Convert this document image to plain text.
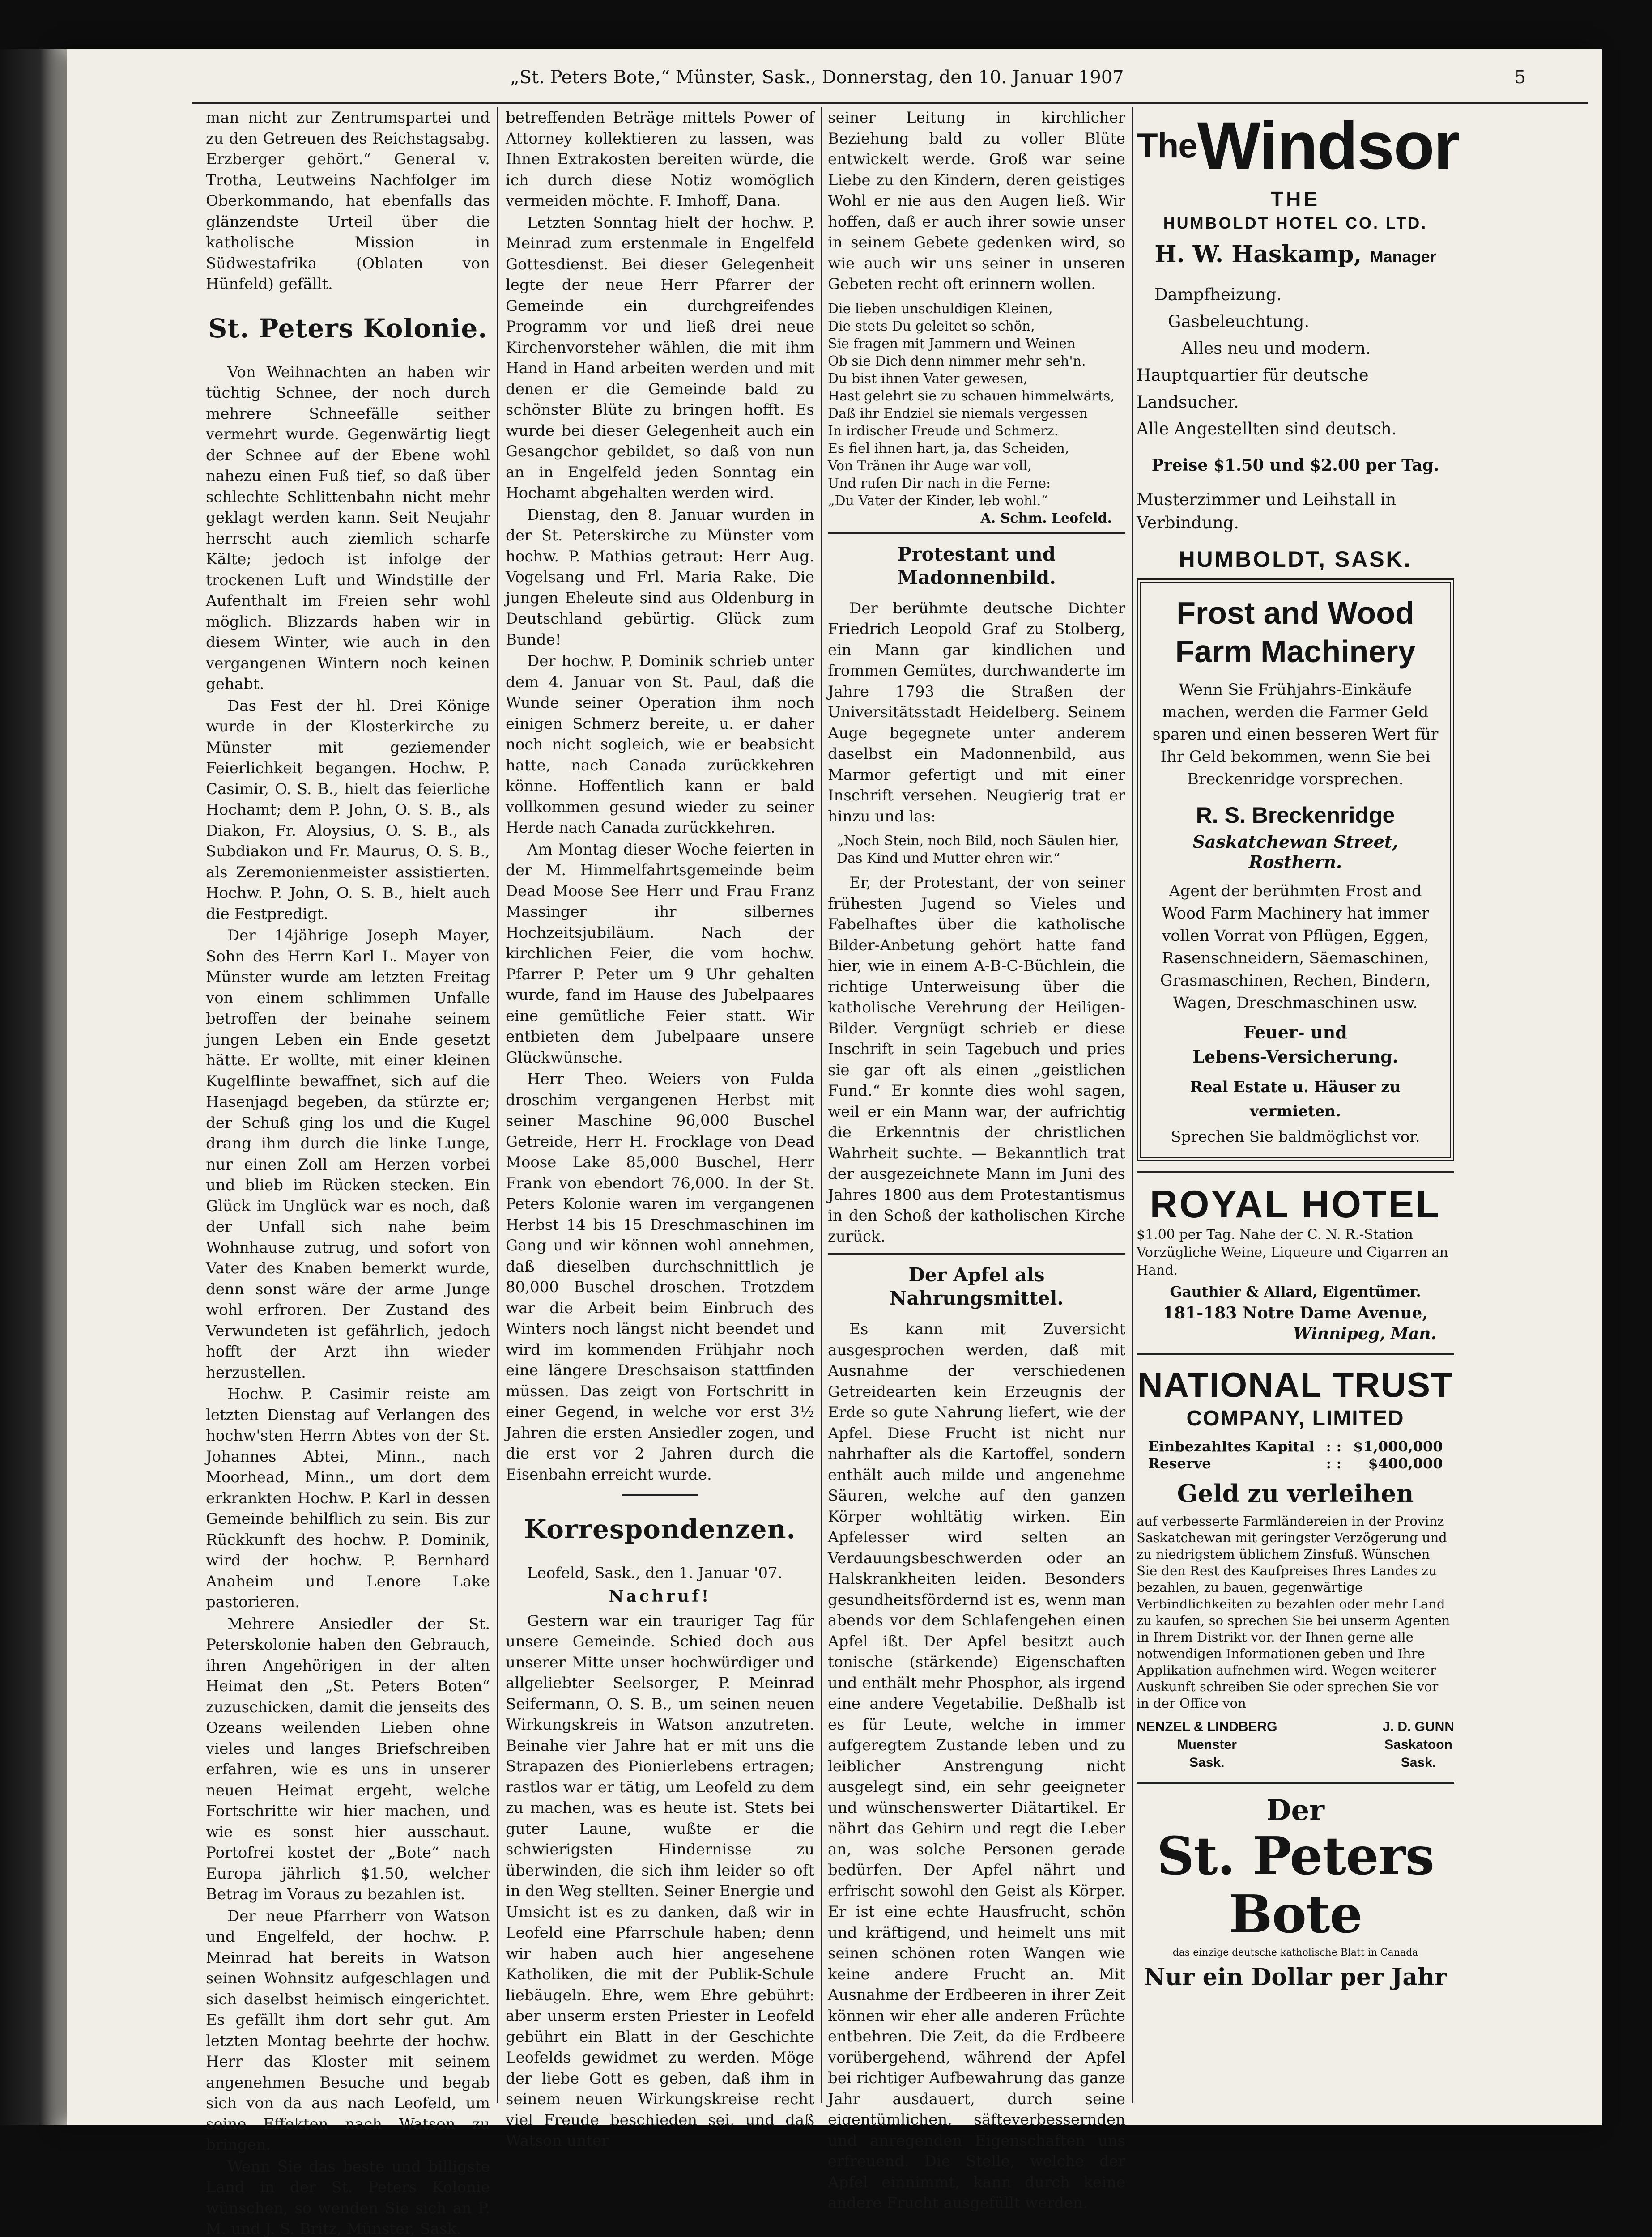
„St. Peters Bote,“ Münster, Sask., Donnerstag, den 10. Januar 1907	5

man nicht zur Zentrumspartei und zu den Getreuen des Reichstagsabg. Erzberger gehört.“ General v. Trotha, Leutweins Nachfolger im Oberkommando, hat ebenfalls das glänzendste Urteil über die katholische Mission in Südwestafrika (Oblaten von Hünfeld) gefällt.

St. Peters Kolonie.

Von Weihnachten an haben wir tüchtig Schnee, der noch durch mehrere Schneefälle seither vermehrt wurde. Gegenwärtig liegt der Schnee auf der Ebene wohl nahezu einen Fuß tief, so daß über schlechte Schlittenbahn nicht mehr geklagt werden kann. Seit Neujahr herrscht auch ziemlich scharfe Kälte; jedoch ist infolge der trockenen Luft und Windstille der Aufenthalt im Freien sehr wohl möglich. Blizzards haben wir in diesem Winter, wie auch in den vergangenen Wintern noch keinen gehabt.

Das Fest der hl. Drei Könige wurde in der Klosterkirche zu Münster mit geziemender Feierlichkeit begangen. Hochw. P. Casimir, O. S. B., hielt das feierliche Hochamt; dem P. John, O. S. B., als Diakon, Fr. Aloysius, O. S. B., als Subdiakon und Fr. Maurus, O. S. B., als Zeremonienmeister assistierten. Hochw. P. John, O. S. B., hielt auch die Festpredigt.

Der 14jährige Joseph Mayer, Sohn des Herrn Karl L. Mayer von Münster wurde am letzten Freitag von einem schlimmen Unfalle betroffen der beinahe seinem jungen Leben ein Ende gesetzt hätte. Er wollte, mit einer kleinen Kugelflinte bewaffnet, sich auf die Hasenjagd begeben, da stürzte er; der Schuß ging los und die Kugel drang ihm durch die linke Lunge, nur einen Zoll am Herzen vorbei und blieb im Rücken stecken. Ein Glück im Unglück war es noch, daß der Unfall sich nahe beim Wohnhause zutrug, und sofort von Vater des Knaben bemerkt wurde, denn sonst wäre der arme Junge wohl erfroren. Der Zustand des Verwundeten ist gefährlich, jedoch hofft der Arzt ihn wieder herzustellen.

Hochw. P. Casimir reiste am letzten Dienstag auf Verlangen des hochw'sten Herrn Abtes von der St. Johannes Abtei, Minn., nach Moorhead, Minn., um dort dem erkrankten Hochw. P. Karl in dessen Gemeinde behilflich zu sein. Bis zur Rückkunft des hochw. P. Dominik, wird der hochw. P. Bernhard Anaheim und Lenore Lake pastorieren.

Mehrere Ansiedler der St. Peterskolonie haben den Gebrauch, ihren Angehörigen in der alten Heimat den „St. Peters Boten“ zuzuschicken, damit die jenseits des Ozeans weilenden Lieben ohne vieles und langes Briefschreiben erfahren, wie es uns in unserer neuen Heimat ergeht, welche Fortschritte wir hier machen, und wie es sonst hier ausschaut. Portofrei kostet der „Bote“ nach Europa jährlich $1.50, welcher Betrag im Voraus zu bezahlen ist.

Der neue Pfarrherr von Watson und Engelfeld, der hochw. P. Meinrad hat bereits in Watson seinen Wohnsitz aufgeschlagen und sich daselbst heimisch eingerichtet. Es gefällt ihm dort sehr gut. Am letzten Montag beehrte der hochw. Herr das Kloster mit seinem angenehmen Besuche und begab sich von da aus nach Leofeld, um seine Effekten nach Watson zu bringen.

Wenn Sie das beste und billigste Land in der St. Peters Kolonie wünschen, so wenden Sie sich an P. M. und J. S. Britz, Münster, Sask.

betreffenden Beträge mittels Power of Attorney kollektieren zu lassen, was Ihnen Extrakosten bereiten würde, die ich durch diese Notiz womöglich vermeiden möchte. F. Imhoff, Dana.

Letzten Sonntag hielt der hochw. P. Meinrad zum erstenmale in Engelfeld Gottesdienst. Bei dieser Gelegenheit legte der neue Herr Pfarrer der Gemeinde ein durchgreifendes Programm vor und ließ drei neue Kirchenvorsteher wählen, die mit ihm Hand in Hand arbeiten werden und mit denen er die Gemeinde bald zu schönster Blüte zu bringen hofft. Es wurde bei dieser Gelegenheit auch ein Gesangchor gebildet, so daß von nun an in Engelfeld jeden Sonntag ein Hochamt abgehalten werden wird.

Dienstag, den 8. Januar wurden in der St. Peterskirche zu Münster vom hochw. P. Mathias getraut: Herr Aug. Vogelsang und Frl. Maria Rake. Die jungen Eheleute sind aus Oldenburg in Deutschland gebürtig. Glück zum Bunde!

Der hochw. P. Dominik schrieb unter dem 4. Januar von St. Paul, daß die Wunde seiner Operation ihm noch einigen Schmerz bereite, u. er daher noch nicht sogleich, wie er beabsicht hatte, nach Canada zurückkehren könne. Hoffentlich kann er bald vollkommen gesund wieder zu seiner Herde nach Canada zurückkehren.

Am Montag dieser Woche feierten in der M. Himmelfahrtsgemeinde beim Dead Moose See Herr und Frau Franz Massinger ihr silbernes Hochzeitsjubiläum. Nach der kirchlichen Feier, die vom hochw. Pfarrer P. Peter um 9 Uhr gehalten wurde, fand im Hause des Jubelpaares eine gemütliche Feier statt. Wir entbieten dem Jubelpaare unsere Glückwünsche.

Herr Theo. Weiers von Fulda droschim vergangenen Herbst mit seiner Maschine 96,000 Buschel Getreide, Herr H. Frocklage von Dead Moose Lake 85,000 Buschel, Herr Frank von ebendort 76,000. In der St. Peters Kolonie waren im vergangenen Herbst 14 bis 15 Dreschmaschinen im Gang und wir können wohl annehmen, daß dieselben durchschnittlich je 80,000 Buschel droschen. Trotzdem war die Arbeit beim Einbruch des Winters noch längst nicht beendet und wird im kommenden Frühjahr noch eine längere Dreschsaison stattfinden müssen. Das zeigt von Fortschritt in einer Gegend, in welche vor erst 3½ Jahren die ersten Ansiedler zogen, und die erst vor 2 Jahren durch die Eisenbahn erreicht wurde.

Korrespondenzen.

Leofeld, Sask., den 1. Januar '07.

Nachruf!

Gestern war ein trauriger Tag für unsere Gemeinde. Schied doch aus unserer Mitte unser hochwürdiger und allgeliebter Seelsorger, P. Meinrad Seifermann, O. S. B., um seinen neuen Wirkungskreis in Watson anzutreten. Beinahe vier Jahre hat er mit uns die Strapazen des Pionierlebens ertragen; rastlos war er tätig, um Leofeld zu dem zu machen, was es heute ist. Stets bei guter Laune, wußte er die schwierigsten Hindernisse zu überwinden, die sich ihm leider so oft in den Weg stellten. Seiner Energie und Umsicht ist es zu danken, daß wir in Leofeld eine Pfarrschule haben; denn wir haben auch hier angesehene Katholiken, die mit der Publik-Schule liebäugeln. Ehre, wem Ehre gebührt: aber unserm ersten Priester in Leofeld gebührt ein Blatt in der Geschichte Leofelds gewidmet zu werden. Möge der liebe Gott es geben, daß ihm in seinem neuen Wirkungskreise recht viel Freude beschieden sei, und daß Watson unter

seiner Leitung in kirchlicher Beziehung bald zu voller Blüte entwickelt werde. Groß war seine Liebe zu den Kindern, deren geistiges Wohl er nie aus den Augen ließ. Wir hoffen, daß er auch ihrer sowie unser in seinem Gebete gedenken wird, so wie auch wir uns seiner in unseren Gebeten recht oft erinnern wollen.

Die lieben unschuldigen Kleinen,
Die stets Du geleitet so schön,
Sie fragen mit Jammern und Weinen
Ob sie Dich denn nimmer mehr seh'n.
Du bist ihnen Vater gewesen,
Hast gelehrt sie zu schauen himmelwärts,
Daß ihr Endziel sie niemals vergessen
In irdischer Freude und Schmerz.
Es fiel ihnen hart, ja, das Scheiden,
Von Tränen ihr Auge war voll,
Und rufen Dir nach in die Ferne:
„Du Vater der Kinder, leb wohl.“
A. Schm. Leofeld.
Protestant und Madonnenbild.

Der berühmte deutsche Dichter Friedrich Leopold Graf zu Stolberg, ein Mann gar kindlichen und frommen Gemütes, durchwanderte im Jahre 1793 die Straßen der Universitätsstadt Heidelberg. Seinem Auge begegnete unter anderem daselbst ein Madonnenbild, aus Marmor gefertigt und mit einer Inschrift versehen. Neugierig trat er hinzu und las:

„Noch Stein, noch Bild, noch Säulen hier,
Das Kind und Mutter ehren wir.“

Er, der Protestant, der von seiner frühesten Jugend so Vieles und Fabelhaftes über die katholische Bilder-Anbetung gehört hatte fand hier, wie in einem A-B-C-Büchlein, die richtige Unterweisung über die katholische Verehrung der Heiligen-Bilder. Vergnügt schrieb er diese Inschrift in sein Tagebuch und pries sie gar oft als einen „geistlichen Fund.“ Er konnte dies wohl sagen, weil er ein Mann war, der aufrichtig die Erkenntnis der christlichen Wahrheit suchte. — Bekanntlich trat der ausgezeichnete Mann im Juni des Jahres 1800 aus dem Protestantismus in den Schoß der katholischen Kirche zurück.

Der Apfel als Nahrungsmittel.

Es kann mit Zuversicht ausgesprochen werden, daß mit Ausnahme der verschiedenen Getreidearten kein Erzeugnis der Erde so gute Nahrung liefert, wie der Apfel. Diese Frucht ist nicht nur nahrhafter als die Kartoffel, sondern enthält auch milde und angenehme Säuren, welche auf den ganzen Körper wohltätig wirken. Ein Apfelesser wird selten an Verdauungsbeschwerden oder an Halskrankheiten leiden. Besonders gesundheitsfördernd ist es, wenn man abends vor dem Schlafengehen einen Apfel ißt. Der Apfel besitzt auch tonische (stärkende) Eigenschaften und enthält mehr Phosphor, als irgend eine andere Vegetabilie. Deßhalb ist es für Leute, welche in immer aufgeregtem Zustande leben und zu leiblicher Anstrengung nicht ausgelegt sind, ein sehr geeigneter und wünschenswerter Diätartikel. Er nährt das Gehirn und regt die Leber an, was solche Personen gerade bedürfen. Der Apfel nährt und erfrischt sowohl den Geist als Körper. Er ist eine echte Hausfrucht, schön und kräftigend, und heimelt uns mit seinen schönen roten Wangen wie keine andere Frucht an. Mit Ausnahme der Erdbeeren in ihrer Zeit können wir eher alle anderen Früchte entbehren. Die Zeit, da die Erdbeere vorübergehend, während der Apfel bei richtiger Aufbewahrung das ganze Jahr ausdauert, durch seine eigentümlichen, säfteverbessernden und anregenden Eigenschaften uns erfreuend. Die Stelle, welche der Apfel einnimmt, kann durch keine andere Frucht ausgefüllt werden.

$^{The}$Windsor
THE
HUMBOLDT HOTEL CO. LTD.
H. W. Haskamp, Manager
Dampfheizung.
Gasbeleuchtung.
Alles neu und modern.
Hauptquartier für deutsche Landsucher.
Alle Angestellten sind deutsch.
Preise $1.50 und $2.00 per Tag.
Musterzimmer und Leihstall in Verbindung.
HUMBOLDT, SASK.
Frost and Wood
Farm Machinery
Wenn Sie Frühjahrs-Einkäufe machen, werden die Farmer Geld sparen und einen besseren Wert für Ihr Geld bekommen, wenn Sie bei Breckenridge vorsprechen.
R. S. Breckenridge
Saskatchewan Street, Rosthern.
Agent der berühmten Frost and Wood Farm Machinery hat immer vollen Vorrat von Pflügen, Eggen, Rasenschneidern, Säemaschinen, Grasmaschinen, Rechen, Bindern, Wagen, Dreschmaschinen usw.
Feuer- und
Lebens-Versicherung.
Real Estate u. Häuser zu vermieten.
Sprechen Sie baldmöglichst vor.
ROYAL HOTEL
$1.00 per Tag. Nahe der C. N. R.-Station Vorzügliche Weine, Liqueure und Cigarren an Hand.
Gauthier & Allard, Eigentümer.
181-183 Notre Dame Avenue,
Winnipeg, Man.
NATIONAL TRUST
COMPANY, LIMITED
Einbezahltes Kapital
Reserve
: :
: :
$1,000,000
$400,000
Geld zu verleihen
auf verbesserte Farmländereien in der Provinz Saskatchewan mit geringster Verzögerung und zu niedrigstem üblichem Zinsfuß. Wünschen Sie den Rest des Kaufpreises Ihres Landes zu bezahlen, zu bauen, gegenwärtige Verbindlichkeiten zu bezahlen oder mehr Land zu kaufen, so sprechen Sie bei unserm Agenten in Ihrem Distrikt vor. der Ihnen gerne alle notwendigen Informationen geben und Ihre Applikation aufnehmen wird. Wegen weiterer Auskunft schreiben Sie oder sprechen Sie vor in der Office von
NENZEL & LINDBERG
Muenster
Sask.
J. D. GUNN
Saskatoon
Sask.
Der
St. Peters Bote
das einzige deutsche katholische Blatt in Canada
Nur ein Dollar per Jahr
